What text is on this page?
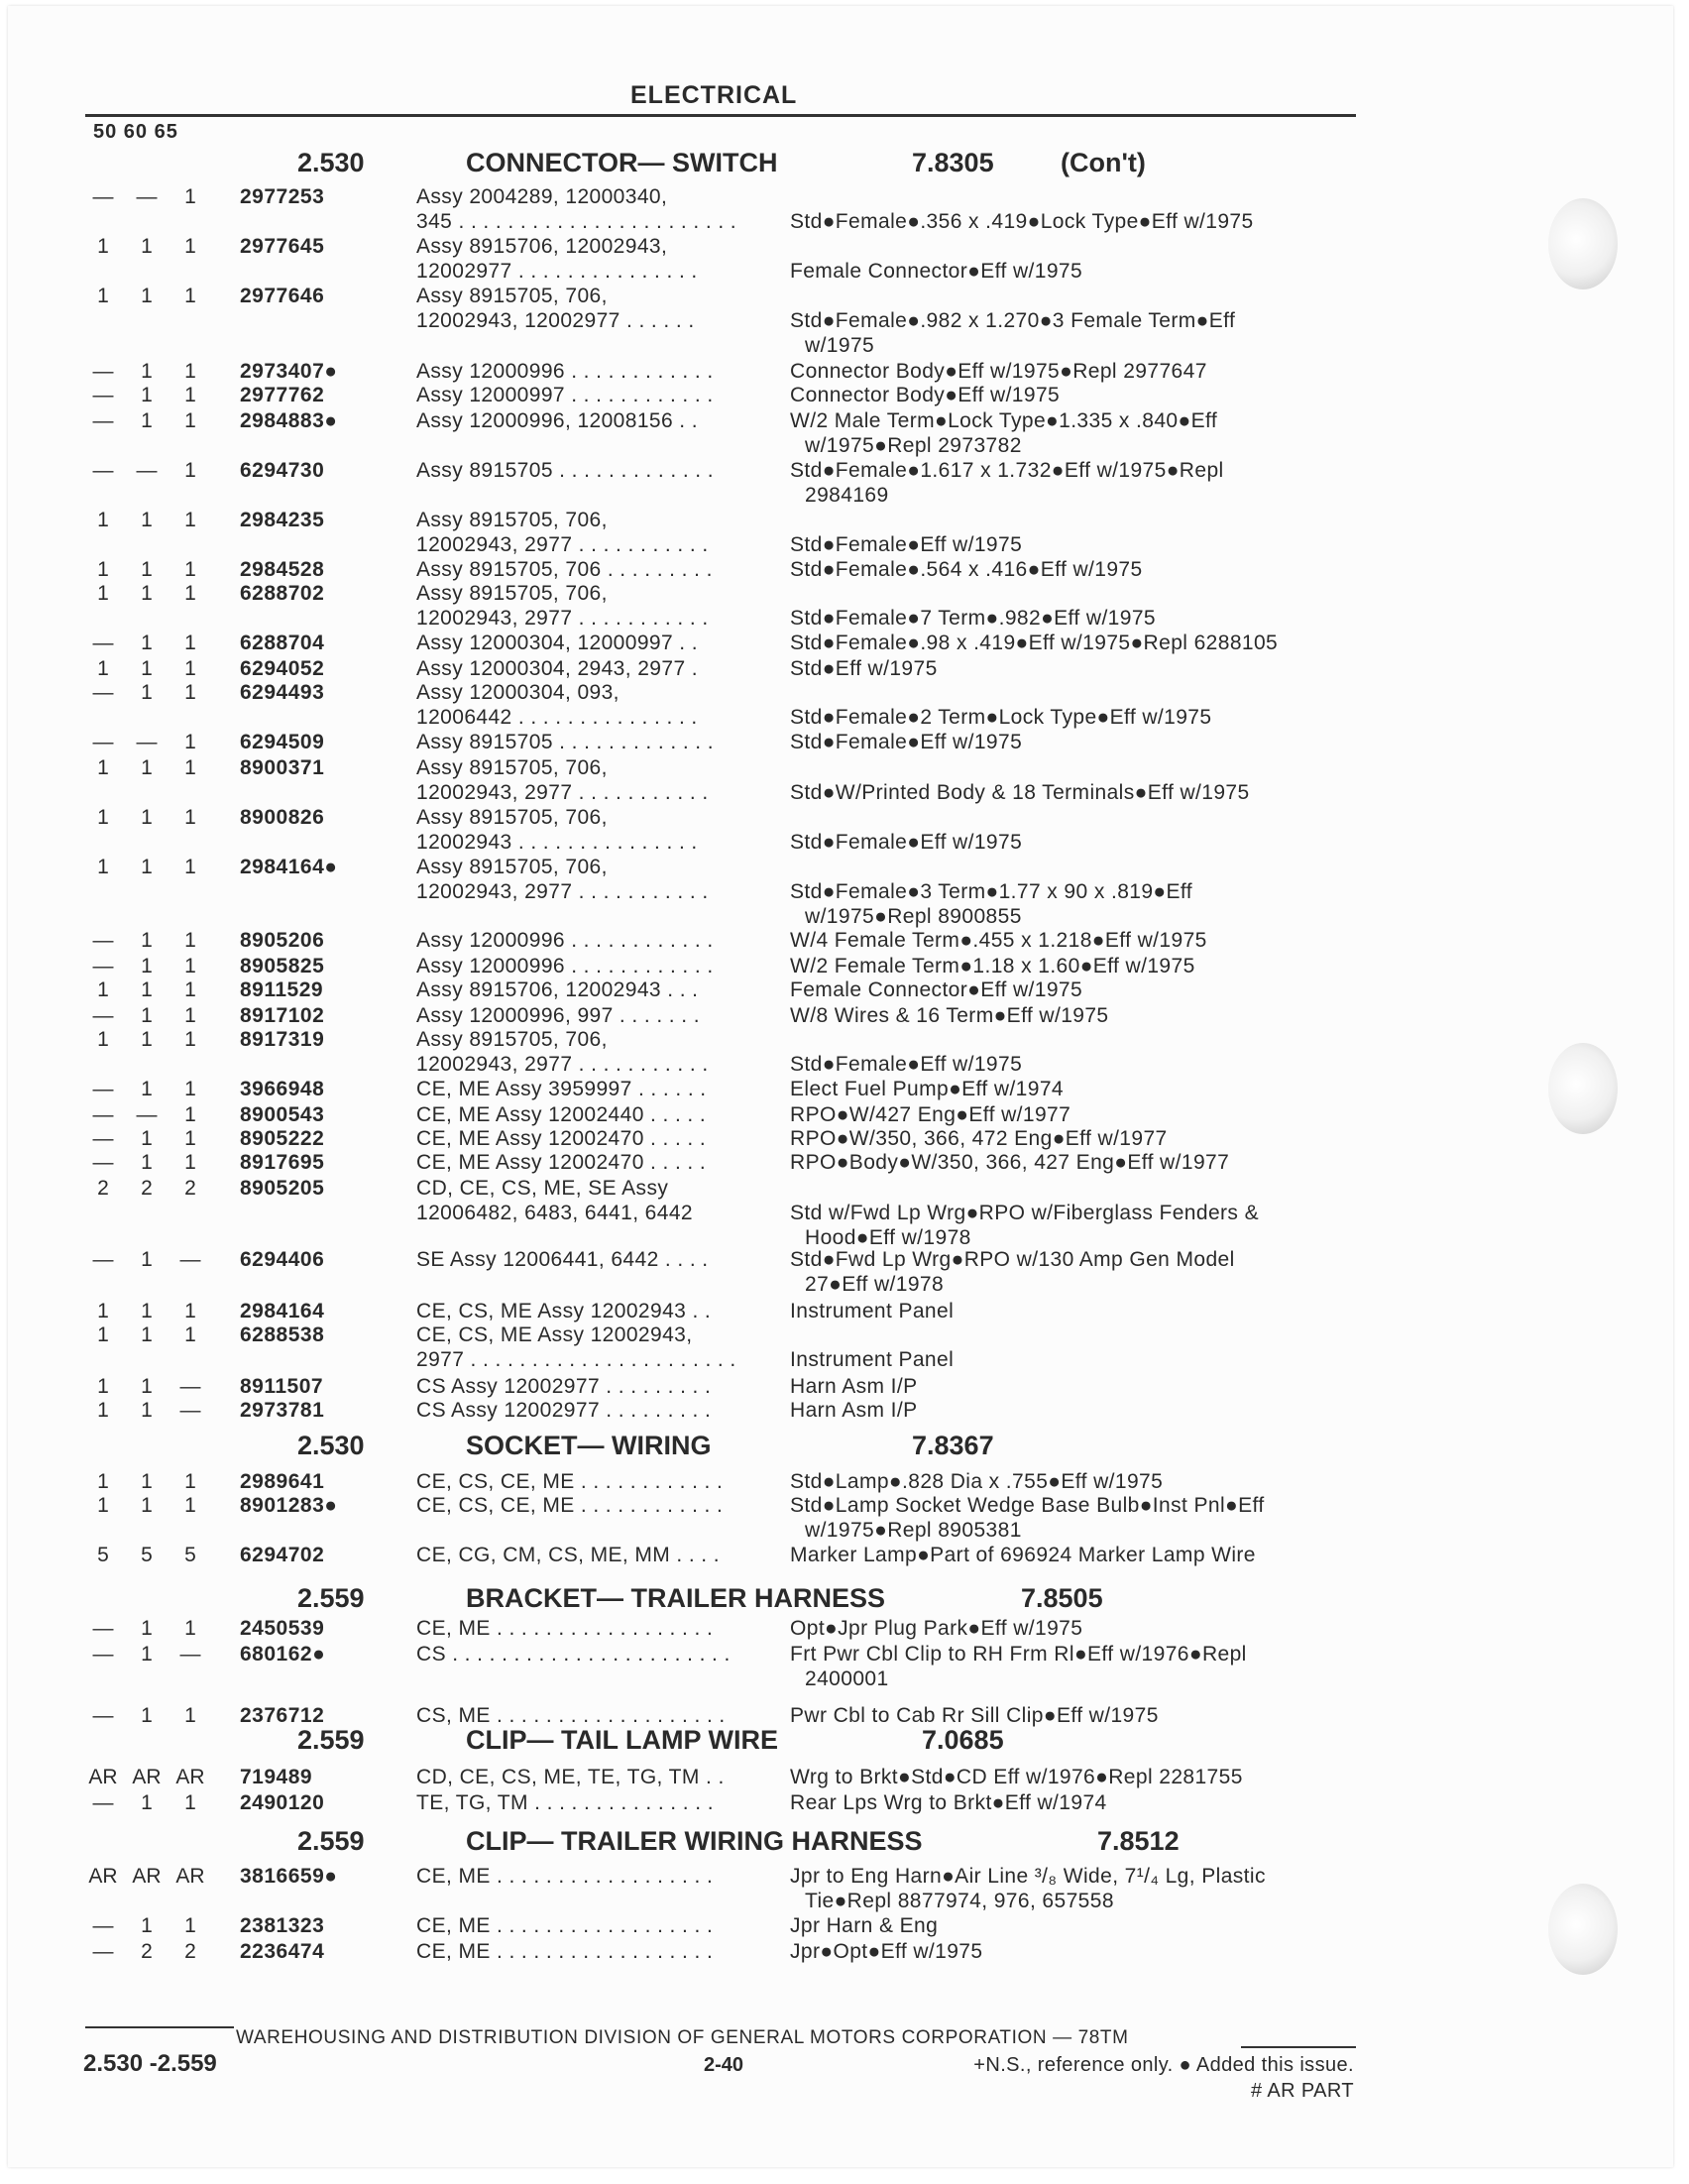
ELECTRICAL
50 60 65
2.530	CONNECTOR— SWITCH	7.8305 (Con't)
— —	1	2977253	Assy 2004289, 12000340,
345 . . . . . . . . . . . . . . . . . . . . . . .	Std●Female●.356 x .419●Lock Type●Eff w/1975
1	1	1	2977645	Assy 8915706, 12002943,
12002977 . . . . . . . . . . . . . . .	Female Connector●Eff w/1975
1	1	1	2977646	Assy 8915705, 706,
12002943, 12002977 . . . . . .	Std●Female●.982 x 1.270●3 Female Term●Eff
w/1975
—	1	1	2973407●	Assy 12000996 . . . . . . . . . . . .	Connector Body●Eff w/1975●Repl 2977647
—	1	1	2977762	Assy 12000997 . . . . . . . . . . . .	Connector Body●Eff w/1975
—	1	1	2984883●	Assy 12000996, 12008156 . .	W/2 Male Term●Lock Type●1.335 x .840●Eff
w/1975●Repl 2973782
— —	1	6294730	Assy 8915705 . . . . . . . . . . . . .	Std●Female●1.617 x 1.732●Eff w/1975●Repl
2984169
1	1	1	2984235	Assy 8915705, 706,
12002943, 2977 . . . . . . . . . . .	Std●Female●Eff w/1975
1	1	1	2984528	Assy 8915705, 706 . . . . . . . . .	Std●Female●.564 x .416●Eff w/1975
1	1	1	6288702	Assy 8915705, 706,
12002943, 2977 . . . . . . . . . . .	Std●Female●7 Term●.982●Eff w/1975
—	1	1	6288704	Assy 12000304, 12000997 . .	Std●Female●.98 x .419●Eff w/1975●Repl 6288105
1	1	1	6294052	Assy 12000304, 2943, 2977 .	Std●Eff w/1975
—	1	1	6294493	Assy 12000304, 093,
12006442 . . . . . . . . . . . . . . .	Std●Female●2 Term●Lock Type●Eff w/1975
— —	1	6294509	Assy 8915705 . . . . . . . . . . . . .	Std●Female●Eff w/1975
1	1	1	8900371	Assy 8915705, 706,
12002943, 2977 . . . . . . . . . . .	Std●W/Printed Body & 18 Terminals●Eff w/1975
1	1	1	8900826	Assy 8915705, 706,
12002943 . . . . . . . . . . . . . . .	Std●Female●Eff w/1975
1	1	1	2984164●	Assy 8915705, 706,
12002943, 2977 . . . . . . . . . . .	Std●Female●3 Term●1.77 x 90 x .819●Eff
w/1975●Repl 8900855
—	1	1	8905206	Assy 12000996 . . . . . . . . . . . .	W/4 Female Term●.455 x 1.218●Eff w/1975
—	1	1	8905825	Assy 12000996 . . . . . . . . . . . .	W/2 Female Term●1.18 x 1.60●Eff w/1975
1	1	1	8911529	Assy 8915706, 12002943 . . .	Female Connector●Eff w/1975
—	1	1	8917102	Assy 12000996, 997 . . . . . . .	W/8 Wires & 16 Term●Eff w/1975
1	1	1	8917319	Assy 8915705, 706,
12002943, 2977 . . . . . . . . . . .	Std●Female●Eff w/1975
—	1	1	3966948	CE, ME Assy 3959997 . . . . . .	Elect Fuel Pump●Eff w/1974
— —	1	8900543	CE, ME Assy 12002440 . . . . .	RPO●W/427 Eng●Eff w/1977
—	1	1	8905222	CE, ME Assy 12002470 . . . . .	RPO●W/350, 366, 472 Eng●Eff w/1977
—	1	1	8917695	CE, ME Assy 12002470 . . . . .	RPO●Body●W/350, 366, 427 Eng●Eff w/1977
2	2	2	8905205	CD, CE, CS, ME, SE Assy
12006482, 6483, 6441, 6442	Std w/Fwd Lp Wrg●RPO w/Fiberglass Fenders &
Hood●Eff w/1978
—	1	— 6294406	SE Assy 12006441, 6442 . . . .	Std●Fwd Lp Wrg●RPO w/130 Amp Gen Model
27●Eff w/1978
1	1	1	2984164	CE, CS, ME Assy 12002943 . .	Instrument Panel
1	1	1	6288538	CE, CS, ME Assy 12002943,
2977 . . . . . . . . . . . . . . . . . . . . . .	Instrument Panel
1	1	— 8911507	CS Assy 12002977 . . . . . . . . .	Harn Asm I/P
1	1	— 2973781	CS Assy 12002977 . . . . . . . . .	Harn Asm I/P
2.530	SOCKET— WIRING	7.8367
1	1	1	2989641	CE, CS, CE, ME . . . . . . . . . . . .	Std●Lamp●.828 Dia x .755●Eff w/1975
1	1	1	8901283●	CE, CS, CE, ME . . . . . . . . . . . .	Std●Lamp Socket Wedge Base Bulb●Inst Pnl●Eff
w/1975●Repl 8905381
5	5	5	6294702	CE, CG, CM, CS, ME, MM . . . .	Marker Lamp●Part of 696924 Marker Lamp Wire
2.559	BRACKET— TRAILER HARNESS	7.8505
—	1	1	2450539	CE, ME . . . . . . . . . . . . . . . . . .	Opt●Jpr Plug Park●Eff w/1975
—	1	— 680162●	CS . . . . . . . . . . . . . . . . . . . . . . .	Frt Pwr Cbl Clip to RH Frm Rl●Eff w/1976●Repl
2400001
—	1	1	2376712	CS, ME . . . . . . . . . . . . . . . . . . .	Pwr Cbl to Cab Rr Sill Clip●Eff w/1975
2.559	CLIP— TAIL LAMP WIRE	7.0685
AR AR AR 719489	CD, CE, CS, ME, TE, TG, TM . .	Wrg to Brkt●Std●CD Eff w/1976●Repl 2281755
—	1	1	2490120	TE, TG, TM . . . . . . . . . . . . . . .	Rear Lps Wrg to Brkt●Eff w/1974
2.559	CLIP— TRAILER WIRING HARNESS	7.8512
AR AR AR 3816659●	CE, ME . . . . . . . . . . . . . . . . . .	Jpr to Eng Harn●Air Line ³/₈ Wide, 7¹/₄ Lg, Plastic
Tie●Repl 8877974, 976, 657558
—	1	1	2381323	CE, ME . . . . . . . . . . . . . . . . . .	Jpr Harn & Eng
—	2	2	2236474	CE, ME . . . . . . . . . . . . . . . . . .	Jpr●Opt●Eff w/1975
WAREHOUSING AND DISTRIBUTION DIVISION OF GENERAL MOTORS CORPORATION — 78TM
2.530 -2.559	2-40	+N.S., reference only. ● Added this issue.
# AR PART
